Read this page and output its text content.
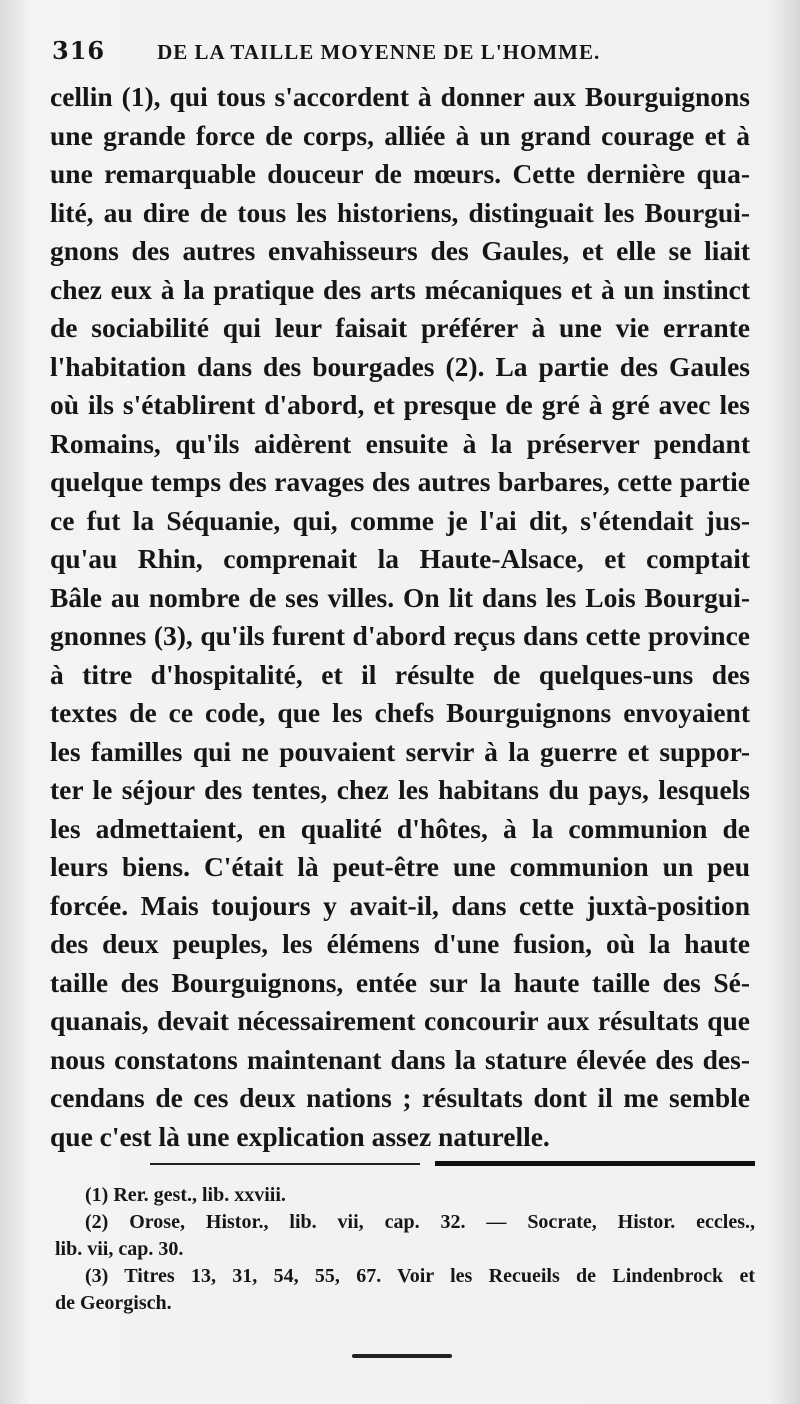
316 DE LA TAILLE MOYENNE DE L'HOMME.
cellin (1), qui tous s'accordent à donner aux Bourguignons
une grande force de corps, alliée à un grand courage et à
une remarquable douceur de mœurs. Cette dernière qua-
lité, au dire de tous les historiens, distinguait les Bourgui-
gnons des autres envahisseurs des Gaules, et elle se liait
chez eux à la pratique des arts mécaniques et à un instinct
de sociabilité qui leur faisait préférer à une vie errante
l'habitation dans des bourgades (2). La partie des Gaules
où ils s'établirent d'abord, et presque de gré à gré avec les
Romains, qu'ils aidèrent ensuite à la préserver pendant
quelque temps des ravages des autres barbares, cette partie
ce fut la Séquanie, qui, comme je l'ai dit, s'étendait jus-
qu'au Rhin, comprenait la Haute-Alsace, et comptait
Bâle au nombre de ses villes. On lit dans les Lois Bourgui-
gnonnes (3), qu'ils furent d'abord reçus dans cette province
à titre d'hospitalité, et il résulte de quelques-uns des
textes de ce code, que les chefs Bourguignons envoyaient
les familles qui ne pouvaient servir à la guerre et suppor-
ter le séjour des tentes, chez les habitans du pays, lesquels
les admettaient, en qualité d'hôtes, à la communion de
leurs biens. C'était là peut-être une communion un peu
forcée. Mais toujours y avait-il, dans cette juxtà-position
des deux peuples, les élémens d'une fusion, où la haute
taille des Bourguignons, entée sur la haute taille des Sé-
quanais, devait nécessairement concourir aux résultats que
nous constatons maintenant dans la stature élevée des des-
cendans de ces deux nations ; résultats dont il me semble
que c'est là une explication assez naturelle.
(1) Rer. gest., lib. xxviii.
(2) Orose, Histor., lib. vii, cap. 32. — Socrate, Histor. eccles.,
lib. vii, cap. 30.
(3) Titres 13, 31, 54, 55, 67. Voir les Recueils de Lindenbrock et
de Georgisch.
